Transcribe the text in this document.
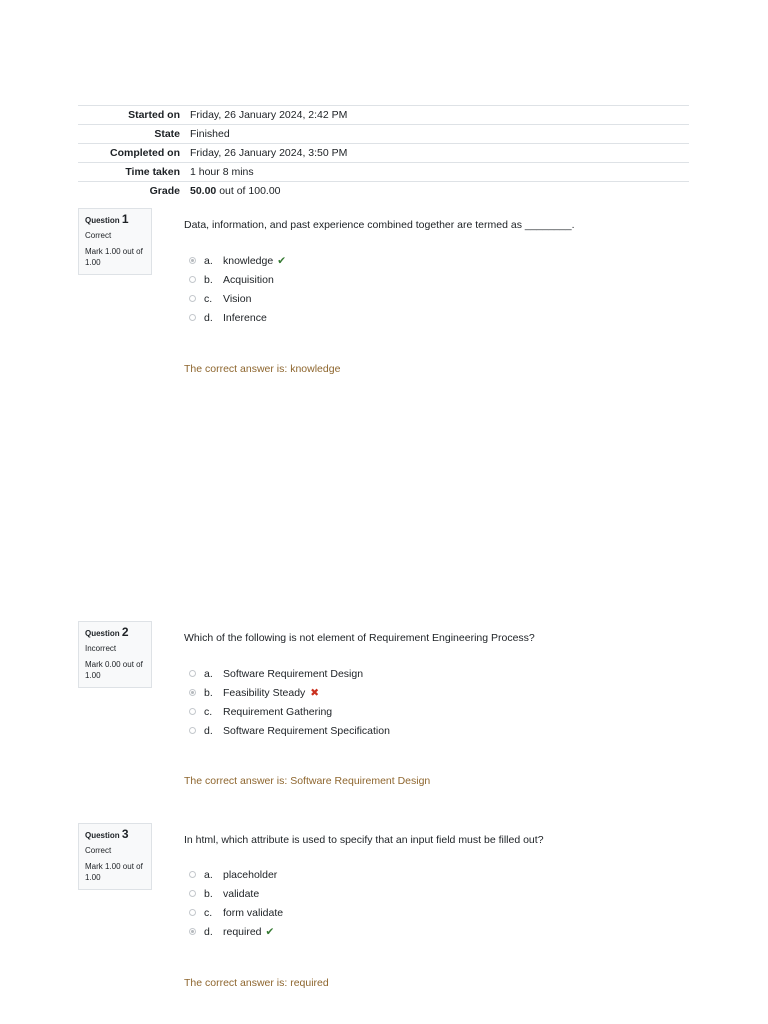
Started on	Friday, 26 January 2024, 2:42 PM
State	Finished
Completed on	Friday, 26 January 2024, 3:50 PM
Time taken	1 hour 8 mins
Grade	50.00 out of 100.00
Question 1
Correct
Mark 1.00 out of 1.00
Data, information, and past experience combined together are termed as ________.
a. knowledge ✔
b. Acquisition
c.	Vision
d. Inference
The correct answer is: knowledge
Question 2
Incorrect
Mark 0.00 out of 1.00
Which of the following is not element of Requirement Engineering Process?
a. Software Requirement Design
b. Feasibility Steady ✖
c.	Requirement Gathering
d. Software Requirement Specification
The correct answer is: Software Requirement Design
Question 3
Correct
Mark 1.00 out of 1.00
In html, which attribute is used to specify that an input field must be filled out?
a. placeholder
b. validate
c.	form validate
d. required ✔
The correct answer is: required
